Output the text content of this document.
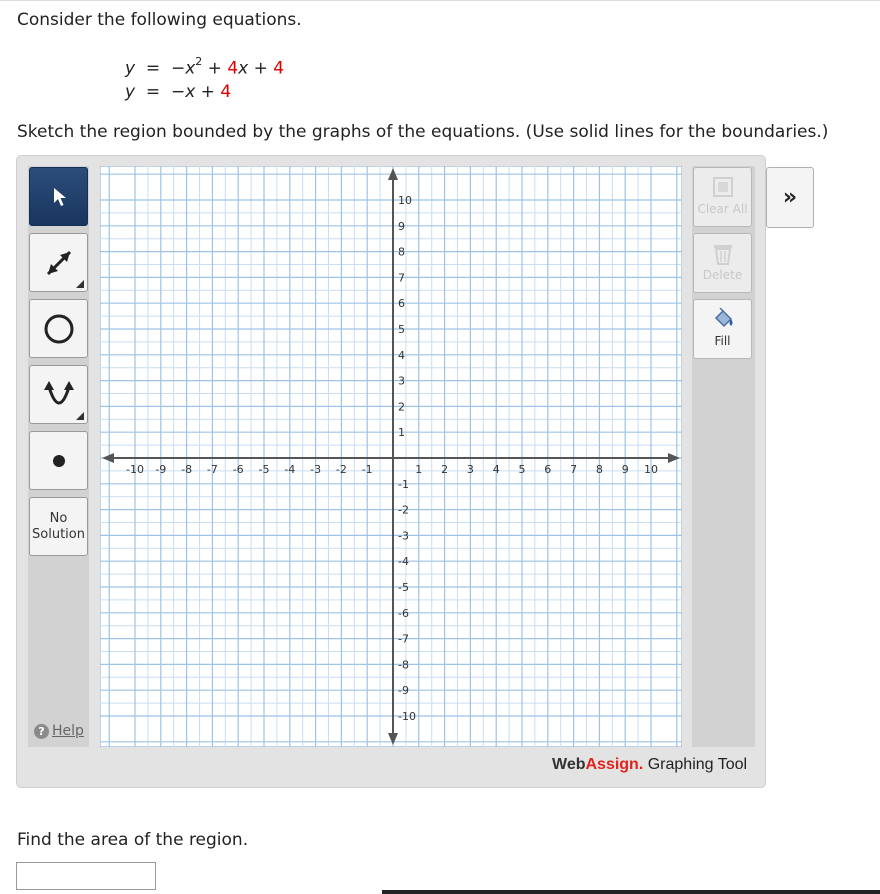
Consider the following equations.
$y = -x^2 + 4x + 4$
y = −x + 4
Sketch the region bounded by the graphs of the equations. (Use solid lines for the boundaries.)
No
Solution
? Help
-10 -9 -8 -7 -6 -5 -4 -3 -2 -1	1 2 3 4 5 6 7 8 9 10
10
9
8
7
6
5
4
3
2
1
-1
-2
-3
-4
-5
-6
-7
-8
-9
-10
Clear All
Delete
Fill
»
WebAssign. Graphing Tool
Find the area of the region.
